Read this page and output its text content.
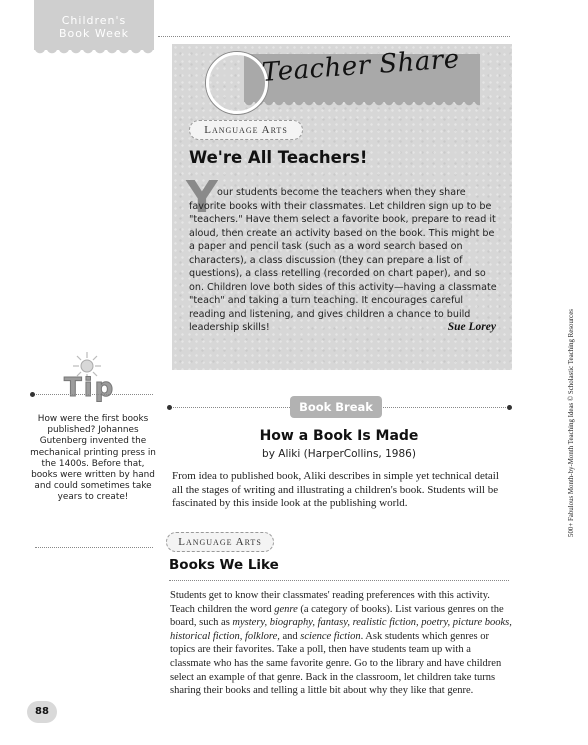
Children's
Book Week
Teacher Share
Language Arts
We're All Teachers!
Y our students become the teachers when they share favorite books with their classmates. Let children sign up to be "teachers." Have them select a favorite book, prepare to read it aloud, then create an activity based on the book. This might be a paper and pencil task (such as a word search based on characters), a class discussion (they can prepare a list of questions), a class retelling (recorded on chart paper), and so on. Children love both sides of this activity—having a classmate "teach" and taking a turn teaching. It encourages careful reading and listening, and gives children a chance to build leadership skills!	Sue Lorey
Tip
How were the first books published? Johannes Gutenberg invented the mechanical printing press in the 1400s. Before that, books were written by hand and could sometimes take years to create!
Book Break
How a Book Is Made
by Aliki (HarperCollins, 1986)
From idea to published book, Aliki describes in simple yet technical detail all the stages of writing and illustrating a children's book. Students will be fascinated by this inside look at the publishing world.
Language Arts
Books We Like
Students get to know their classmates' reading preferences with this activity. Teach children the word genre (a category of books). List various genres on the board, such as mystery, biography, fantasy, realistic fiction, poetry, picture books, historical fiction, folklore, and science fiction. Ask students which genres or topics are their favorites. Take a poll, then have students team up with a classmate who has the same favorite genre. Go to the library and have children select an example of that genre. Back in the classroom, let children take turns sharing their books and telling a little bit about why they like that genre.
88
500+ Fabulous Month-by-Month Teaching Ideas © Scholastic Teaching Resources
